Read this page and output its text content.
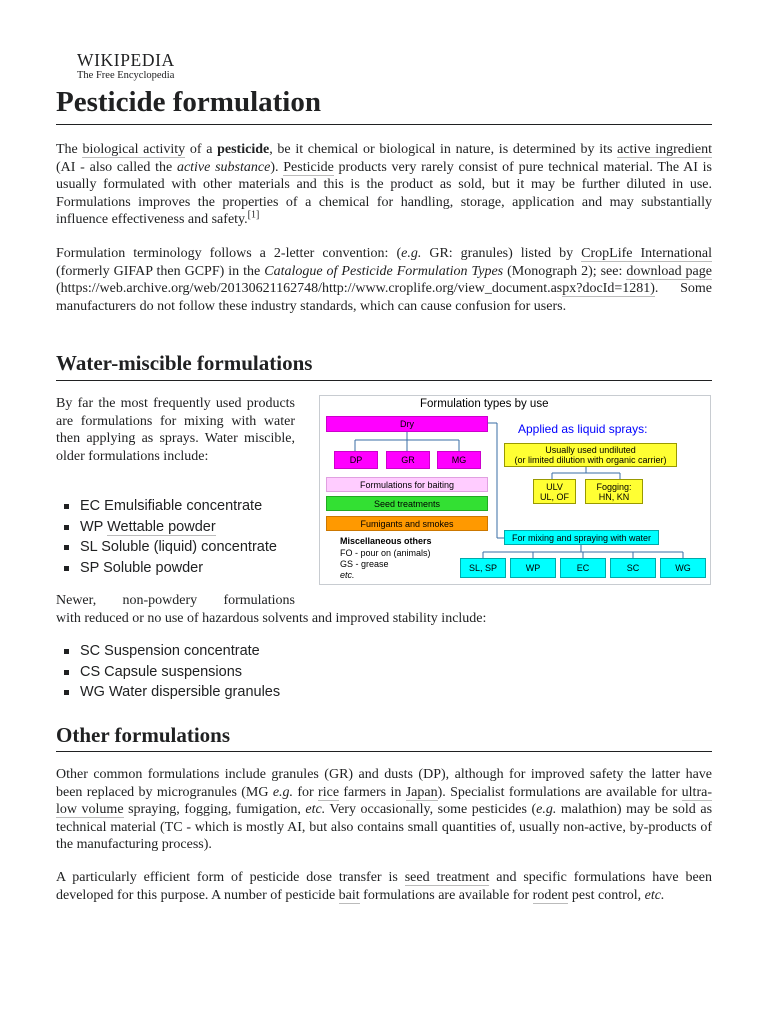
WIKIPEDIA
The Free Encyclopedia
Pesticide formulation

The biological activity of a pesticide, be it chemical or biological in nature, is determined by its active ingredient (AI - also called the active substance). Pesticide products very rarely consist of pure technical material. The AI is usually formulated with other materials and this is the product as sold, but it may be further diluted in use. Formulations improves the properties of a chemical for handling, storage, application and may substantially influence effectiveness and safety.[1]

Formulation terminology follows a 2-letter convention: (e.g. GR: granules) listed by CropLife International (formerly GIFAP then GCPF) in the Catalogue of Pesticide Formulation Types (Monograph 2); see: download page (https://web.archive.org/web/20130621162748/http://www.croplife.org/view_document.aspx?docId=1281). Some manufacturers do not follow these industry standards, which can cause confusion for users.

Water-miscible formulations

By far the most frequently used products are formulations for mixing with water then applying as sprays. Water miscible, older formulations include:

EC Emulsifiable concentrate
WP Wettable powder
SL Soluble (liquid) concentrate
SP Soluble powder

Newer, non-powdery formulations

with reduced or no use of hazardous solvents and improved stability include:

SC Suspension concentrate
CS Capsule suspensions
WG Water dispersible granules
Formulation types by use
Dry
DP	GR	MG
Formulations for baiting
Seed treatments
Fumigants and smokes
Miscellaneous others
FO - pour on (animals)
GS - grease
etc.
Applied as liquid sprays:
Usually used undiluted
(or limited dilution with organic carrier)
ULV
UL, OF
Fogging:
HN, KN
For mixing and spraying with water
SL, SP	WP	EC	SC	WG
Other formulations

Other common formulations include granules (GR) and dusts (DP), although for improved safety the latter have been replaced by microgranules (MG e.g. for rice farmers in Japan). Specialist formulations are available for ultra-low volume spraying, fogging, fumigation, etc. Very occasionally, some pesticides (e.g. malathion) may be sold as technical material (TC - which is mostly AI, but also contains small quantities of, usually non-active, by-products of the manufacturing process).

A particularly efficient form of pesticide dose transfer is seed treatment and specific formulations have been developed for this purpose. A number of pesticide bait formulations are available for rodent pest control, etc.
